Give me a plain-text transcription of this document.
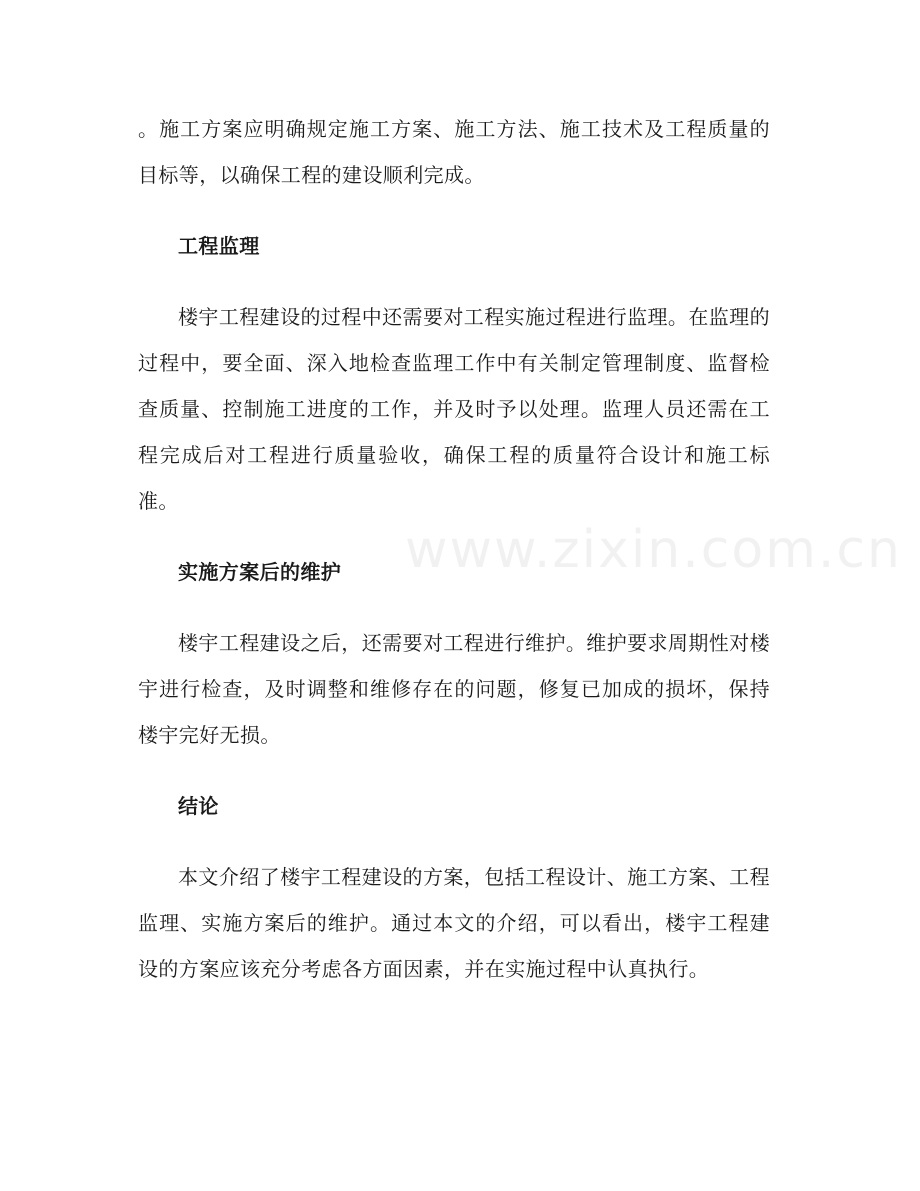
www.zixin.com.cn

。施工方案应明确规定施工方案、施工方法、施工技术及工程质量的目标等，以确保工程的建设顺利完成。

工程监理

楼宇工程建设的过程中还需要对工程实施过程进行监理。在监理的过程中，要全面、深入地检查监理工作中有关制定管理制度、监督检查质量、控制施工进度的工作，并及时予以处理。监理人员还需在工程完成后对工程进行质量验收，确保工程的质量符合设计和施工标准。

实施方案后的维护

楼宇工程建设之后，还需要对工程进行维护。维护要求周期性对楼宇进行检查，及时调整和维修存在的问题，修复已加成的损坏，保持楼宇完好无损。

结论

本文介绍了楼宇工程建设的方案，包括工程设计、施工方案、工程监理、实施方案后的维护。通过本文的介绍，可以看出，楼宇工程建设的方案应该充分考虑各方面因素，并在实施过程中认真执行。
